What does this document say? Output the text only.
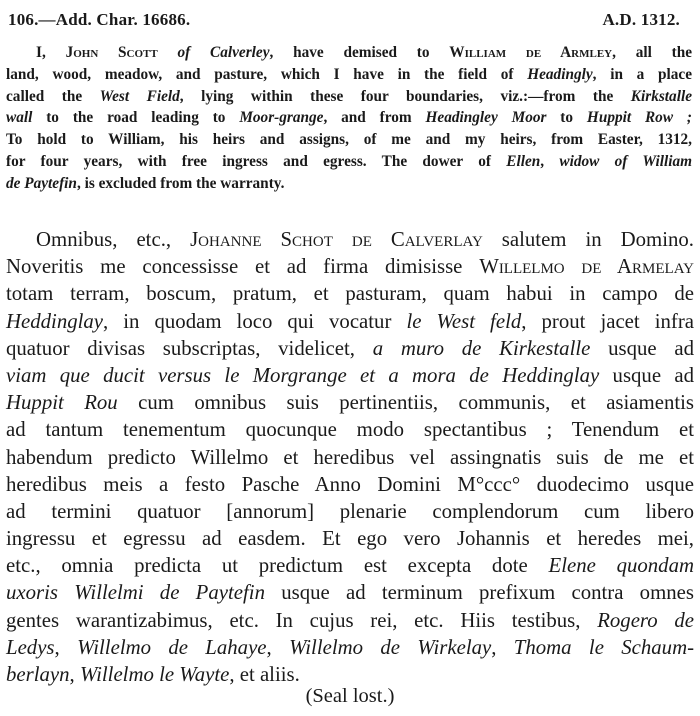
106.—Add. Char. 16686.	A.D. 1312.
I, John Scott of Calverley, have demised to William de Armley, all the
land, wood, meadow, and pasture, which I have in the field of Headingly, in a place
called the West Field, lying within these four boundaries, viz.:—from the Kirkstalle
wall to the road leading to Moor-grange, and from Headingley Moor to Huppit Row ;
To hold to William, his heirs and assigns, of me and my heirs, from Easter, 1312,
for four years, with free ingress and egress. The dower of Ellen, widow of William
de Paytefin, is excluded from the warranty.
Omnibus, etc., Johanne Schot de Calverlay salutem in Domino.
Noveritis me concessisse et ad firma dimisisse Willelmo de Armelay
totam terram, boscum, pratum, et pasturam, quam habui in campo de
Heddinglay, in quodam loco qui vocatur le West feld, prout jacet infra
quatuor divisas subscriptas, videlicet, a muro de Kirkestalle usque ad
viam que ducit versus le Morgrange et a mora de Heddinglay usque ad
Huppit Rou cum omnibus suis pertinentiis, communis, et asiamentis
ad tantum tenementum quocunque modo spectantibus ; Tenendum et
habendum predicto Willelmo et heredibus vel assingnatis suis de me et
heredibus meis a festo Pasche Anno Domini M°ccc° duodecimo usque
ad termini quatuor [annorum] plenarie complendorum cum libero
ingressu et egressu ad easdem. Et ego vero Johannis et heredes mei,
etc., omnia predicta ut predictum est excepta dote Elene quondam
uxoris Willelmi de Paytefin usque ad terminum prefixum contra omnes
gentes warantizabimus, etc. In cujus rei, etc. Hiis testibus, Rogero de
Ledys, Willelmo de Lahaye, Willelmo de Wirkelay, Thoma le Schaum-
berlayn, Willelmo le Wayte, et aliis.
(Seal lost.)
